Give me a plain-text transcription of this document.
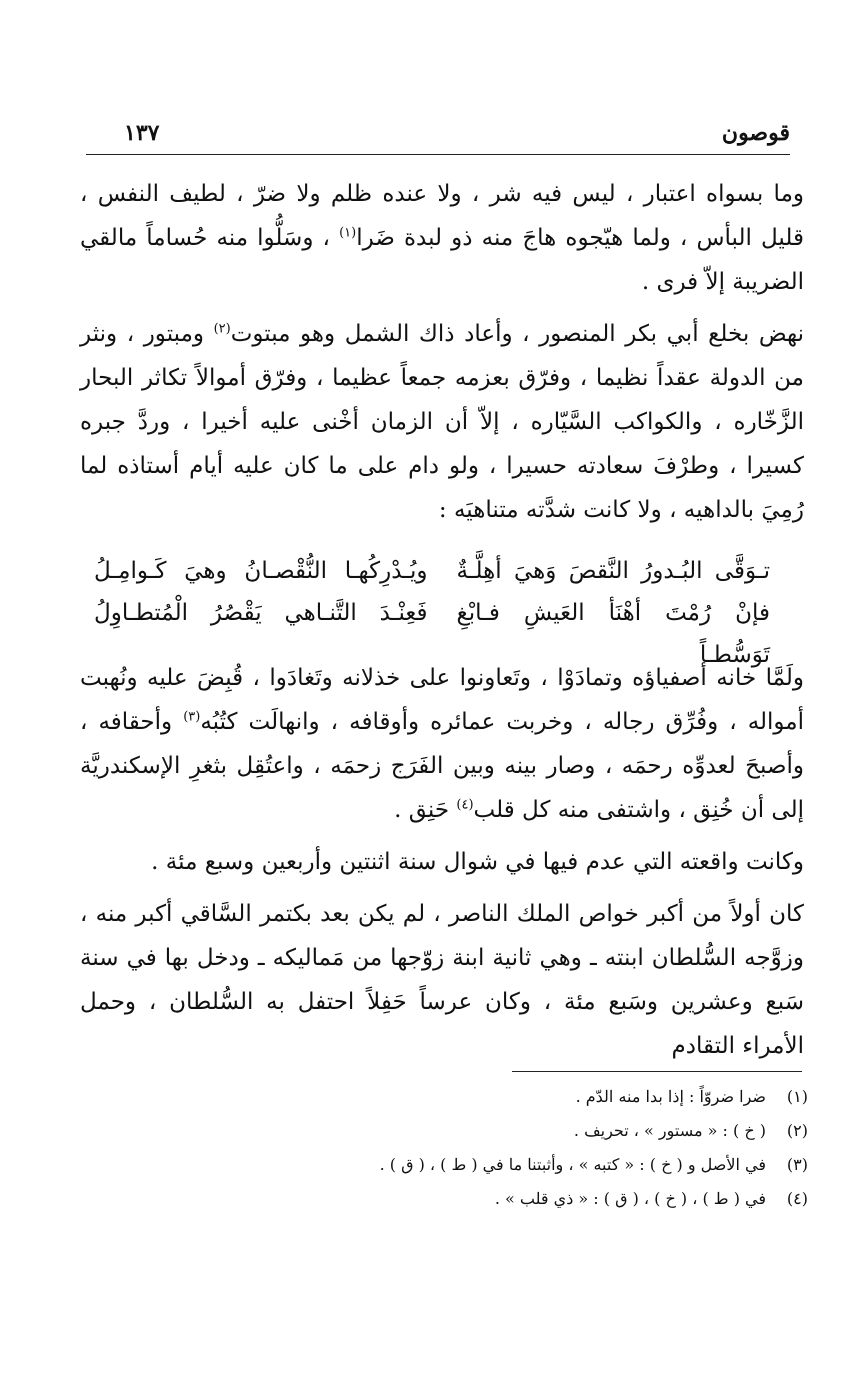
قوصون
١٣٧

وما بسواه اعتبار ، ليس فيه شر ، ولا عنده ظلم ولا ضرّ ، لطيف النفس ، قليل البأس ، ولما هيّجوه هاجَ منه ذو لبدة ضَرا$^{(١)}$ ، وسَلُّوا منه حُساماً مالقي الضريبة إلاّ فرى .

نهض بخلع أبي بكر المنصور ، وأعاد ذاك الشمل وهو مبتوت$^{(٢)}$ ومبتور ، ونثر من الدولة عقداً نظيما ، وفرّق بعزمه جمعاً عظيما ، وفرّق أموالاً تكاثر البحار الزَّخّاره ، والكواكب السَّيّاره ، إلاّ أن الزمان أخْنى عليه أخيرا ، وردَّ جبره كسيرا ، وطرْفَ سعادته حسيرا ، ولو دام على ما كان عليه أيام أستاذه لما رُمِيَ بالداهيه ، ولا كانت شدَّته متناهيَه :

تـوَقَّى البُـدورُ النَّقصَ وَهيَ أهِلَّـةٌ
ويُـدْرِكُهـا النُّقْصـانُ وهيَ كَـوامِـلُ
فإنْ رُمْتَ أهْنَأ العَيشِ فـابْغِ تَوَسُّطـاً
فَعِنْـدَ التَّنـاهي يَقْصُرُ الْمُتطـاوِلُ

ولَمَّا خانه أصفياؤه وتمادَوْا ، وتَعاونوا على خذلانه وتَغادَوا ، قُبِضَ عليه ونُهبت أمواله ، وفُرِّق رجاله ، وخربت عمائره وأوقافه ، وانهالَت كتُبُه$^{(٣)}$ وأحقافه ، وأصبحَ لعدوِّه رحمَه ، وصار بينه وبين الفَرَج زحمَه ، واعتُقِل بثغرِ الإسكندريَّة إلى أن خُنِق ، واشتفى منه كل قلب$^{(٤)}$ حَنِق .

وكانت واقعته التي عدم فيها في شوال سنة اثنتين وأربعين وسبع مئة .

كان أولاً من أكبر خواص الملك الناصر ، لم يكن بعد بكتمر السَّاقي أكبر منه ، وزوَّجه السُّلطان ابنته ـ وهي ثانية ابنة زوّجها من مَماليكه ـ ودخل بها في سنة سَبع وعشرين وسَبع مئة ، وكان عرساً حَفِلاً احتفل به السُّلطان ، وحمل الأمراء التقادم

(١)
ضرا ضروّاً : إذا بدا منه الدّم .
(٢)
( خ ) : « مستور » ، تحريف .
(٣)
في الأصل و ( خ ) : « كتبه » ، وأثبتنا ما في ( ط ) ، ( ق ) .
(٤)
في ( ط ) ، ( خ ) ، ( ق ) : « ذي قلب » .
